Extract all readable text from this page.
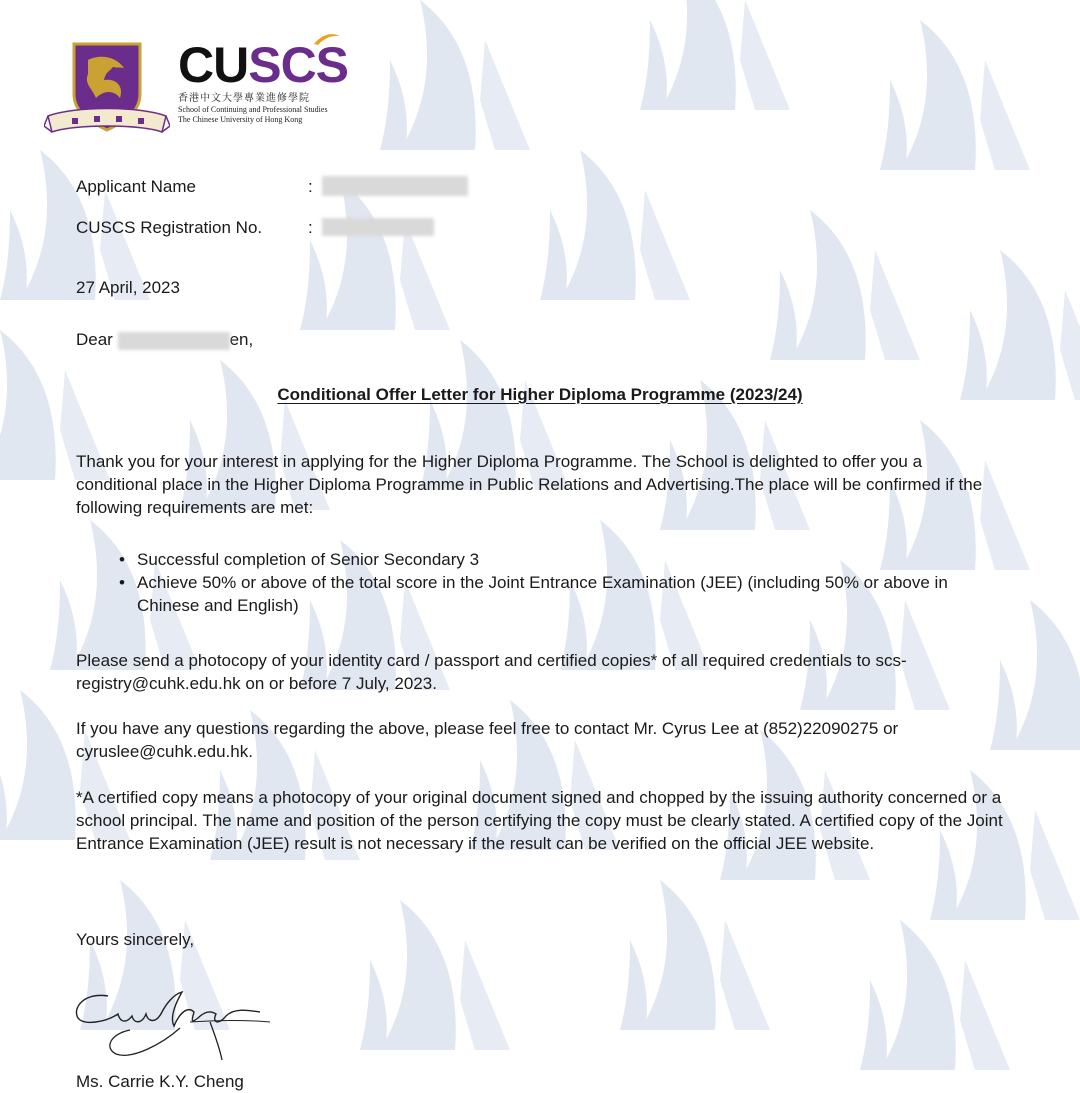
CUSCS
香港中文大學專業進修學院
School of Continuing and Professional Studies
The Chinese University of Hong Kong
Applicant Name	:
CUSCS Registration No.	:
27 April, 2023
Dear	en,
Conditional Offer Letter for Higher Diploma Programme (2023/24)
Thank you for your interest in applying for the Higher Diploma Programme. The School is delighted to offer you a conditional place in the Higher Diploma Programme in Public Relations and Advertising.The place will be confirmed if the following requirements are met:
• Successful completion of Senior Secondary 3
• Achieve 50% or above of the total score in the Joint Entrance Examination (JEE) (including 50% or above in Chinese and English)
Please send a photocopy of your identity card / passport and certified copies* of all required credentials to scs-registry@cuhk.edu.hk on or before 7 July, 2023.
If you have any questions regarding the above, please feel free to contact Mr. Cyrus Lee at (852)22090275 or cyruslee@cuhk.edu.hk.
*A certified copy means a photocopy of your original document signed and chopped by the issuing authority concerned or a school principal. The name and position of the person certifying the copy must be clearly stated. A certified copy of the Joint Entrance Examination (JEE) result is not necessary if the result can be verified on the official JEE website.
Yours sincerely,
Ms. Carrie K.Y. Cheng
